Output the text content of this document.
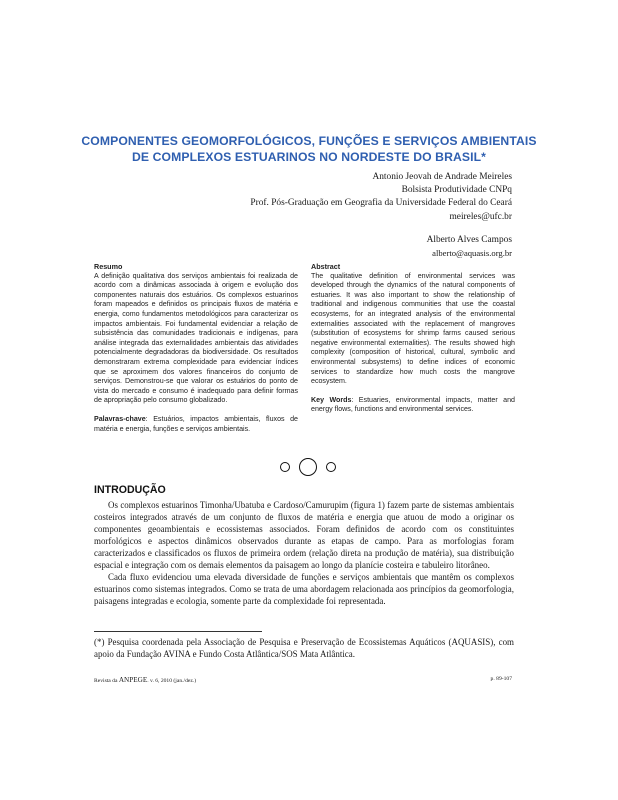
COMPONENTES GEOMORFOLÓGICOS, FUNÇÕES E SERVIÇOS AMBIENTAIS
DE COMPLEXOS ESTUARINOS NO NORDESTE DO BRASIL*
Antonio Jeovah de Andrade Meireles
Bolsista Produtividade CNPq
Prof. Pós-Graduação em Geografia da Universidade Federal do Ceará
meireles@ufc.br
Alberto Alves Campos
alberto@aquasis.org.br
Resumo

A definição qualitativa dos serviços ambientais foi realizada de acordo com a dinâmicas associada à origem e evolução dos componentes naturais dos estuários. Os complexos estuarinos foram mapeados e definidos os principais fluxos de matéria e energia, como fundamentos metodológicos para caracterizar os impactos ambientais. Foi fundamental evidenciar a relação de subsistência das comunidades tradicionais e indígenas, para análise integrada das externalidades ambientais das atividades potencialmente degradadoras da biodiversidade. Os resultados demonstraram extrema complexidade para evidenciar índices que se aproximem dos valores financeiros do conjunto de serviços. Demonstrou-se que valorar os estuários do ponto de vista do mercado e consumo é inadequado para definir formas de apropriação pelo consumo globalizado.

Palavras-chave: Estuários, impactos ambientais, fluxos de matéria e energia, funções e serviços ambientais.

Abstract

The qualitative definition of environmental services was developed through the dynamics of the natural components of estuaries. It was also important to show the relationship of traditional and indigenous communities that use the coastal ecosystems, for an integrated analysis of the environmental externalities associated with the replacement of mangroves (substitution of ecosystems for shrimp farms caused serious negative environmental externalities). The results showed high complexity (composition of historical, cultural, symbolic and environmental subsystems) to define indices of economic services to standardize how much costs the mangrove ecosystem.

Key Words: Estuaries, environmental impacts, matter and energy flows, functions and environmental services.

INTRODUÇÃO

Os complexos estuarinos Timonha/Ubatuba e Cardoso/Camurupim (figura 1) fazem parte de sistemas ambientais costeiros integrados através de um conjunto de fluxos de matéria e energia que atuou de modo a originar os componentes geoambientais e ecossistemas associados. Foram definidos de acordo com os constituintes morfológicos e aspectos dinâmicos observados durante as etapas de campo. Para as morfologias foram caracterizados e classificados os fluxos de primeira ordem (relação direta na produção de matéria), sua distribuição espacial e integração com os demais elementos da paisagem ao longo da planície costeira e tabuleiro litorâneo.

Cada fluxo evidenciou uma elevada diversidade de funções e serviços ambientais que mantêm os complexos estuarinos como sistemas integrados. Como se trata de uma abordagem relacionada aos princípios da geomorfologia, paisagens integradas e ecologia, somente parte da complexidade foi representada.

(*) Pesquisa coordenada pela Associação de Pesquisa e Preservação de Ecossistemas Aquáticos (AQUASIS), com apoio da Fundação AVINA e Fundo Costa Atlântica/SOS Mata Atlântica.
Revista da ANPEGE. v. 6, 2010 (jan./dez.)	p. 89-107
